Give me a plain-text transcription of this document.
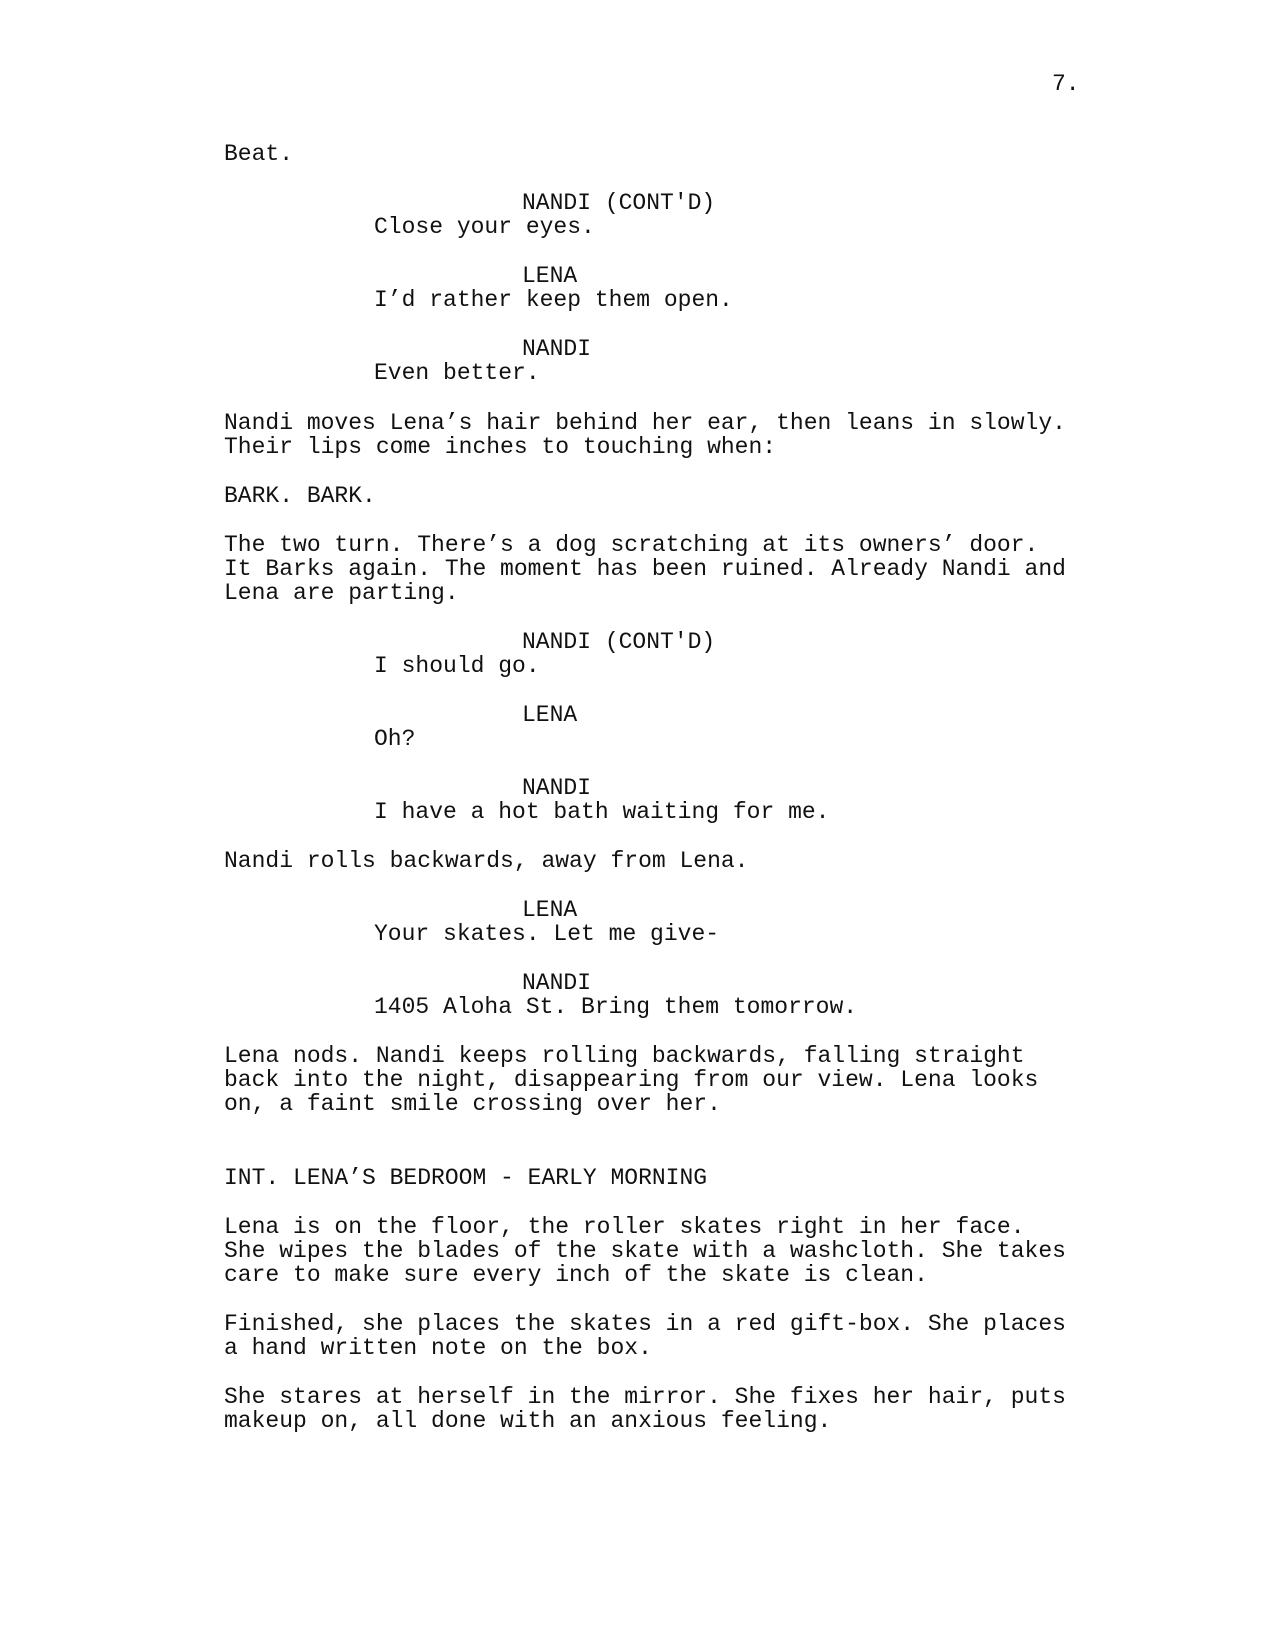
7.
Beat.
NANDI (CONT'D)
Close your eyes.
LENA
I’d rather keep them open.
NANDI
Even better.
Nandi moves Lena’s hair behind her ear, then leans in slowly.
Their lips come inches to touching when:
BARK. BARK.
The two turn. There’s a dog scratching at its owners’ door.
It Barks again. The moment has been ruined. Already Nandi and
Lena are parting.
NANDI (CONT'D)
I should go.
LENA
Oh?
NANDI
I have a hot bath waiting for me.
Nandi rolls backwards, away from Lena.
LENA
Your skates. Let me give-
NANDI
1405 Aloha St. Bring them tomorrow.
Lena nods. Nandi keeps rolling backwards, falling straight
back into the night, disappearing from our view. Lena looks
on, a faint smile crossing over her.
INT. LENA’S BEDROOM - EARLY MORNING
Lena is on the floor, the roller skates right in her face.
She wipes the blades of the skate with a washcloth. She takes
care to make sure every inch of the skate is clean.
Finished, she places the skates in a red gift-box. She places
a hand written note on the box.
She stares at herself in the mirror. She fixes her hair, puts
makeup on, all done with an anxious feeling.
